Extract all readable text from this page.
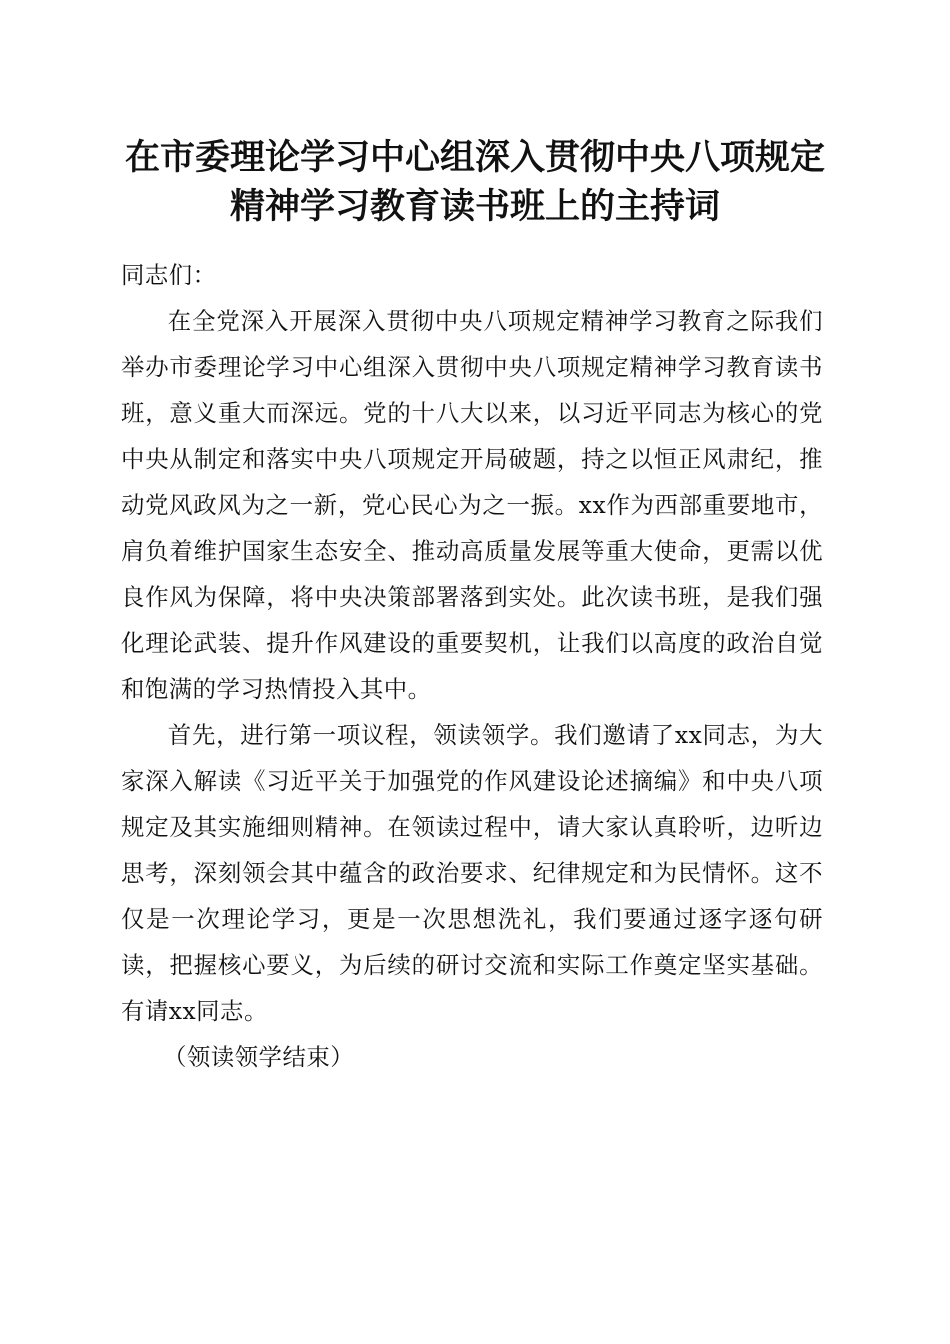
在市委理论学习中心组深入贯彻中央八项规定
精神学习教育读书班上的主持词

同志们：

在全党深入开展深入贯彻中央八项规定精神学习教育之际我们举办市委理论学习中心组深入贯彻中央八项规定精神学习教育读书班，意义重大而深远。党的十八大以来，以习近平同志为核心的党中央从制定和落实中央八项规定开局破题，持之以恒正风肃纪，推动党风政风为之一新，党心民心为之一振。xx作为西部重要地市，肩负着维护国家生态安全、推动高质量发展等重大使命，更需以优良作风为保障，将中央决策部署落到实处。此次读书班，是我们强化理论武装、提升作风建设的重要契机，让我们以高度的政治自觉和饱满的学习热情投入其中。

首先，进行第一项议程，领读领学。我们邀请了xx同志，为大家深入解读《习近平关于加强党的作风建设论述摘编》和中央八项规定及其实施细则精神。在领读过程中，请大家认真聆听，边听边思考，深刻领会其中蕴含的政治要求、纪律规定和为民情怀。这不仅是一次理论学习，更是一次思想洗礼，我们要通过逐字逐句研读，把握核心要义，为后续的研讨交流和实际工作奠定坚实基础。有请xx同志。

（领读领学结束）
